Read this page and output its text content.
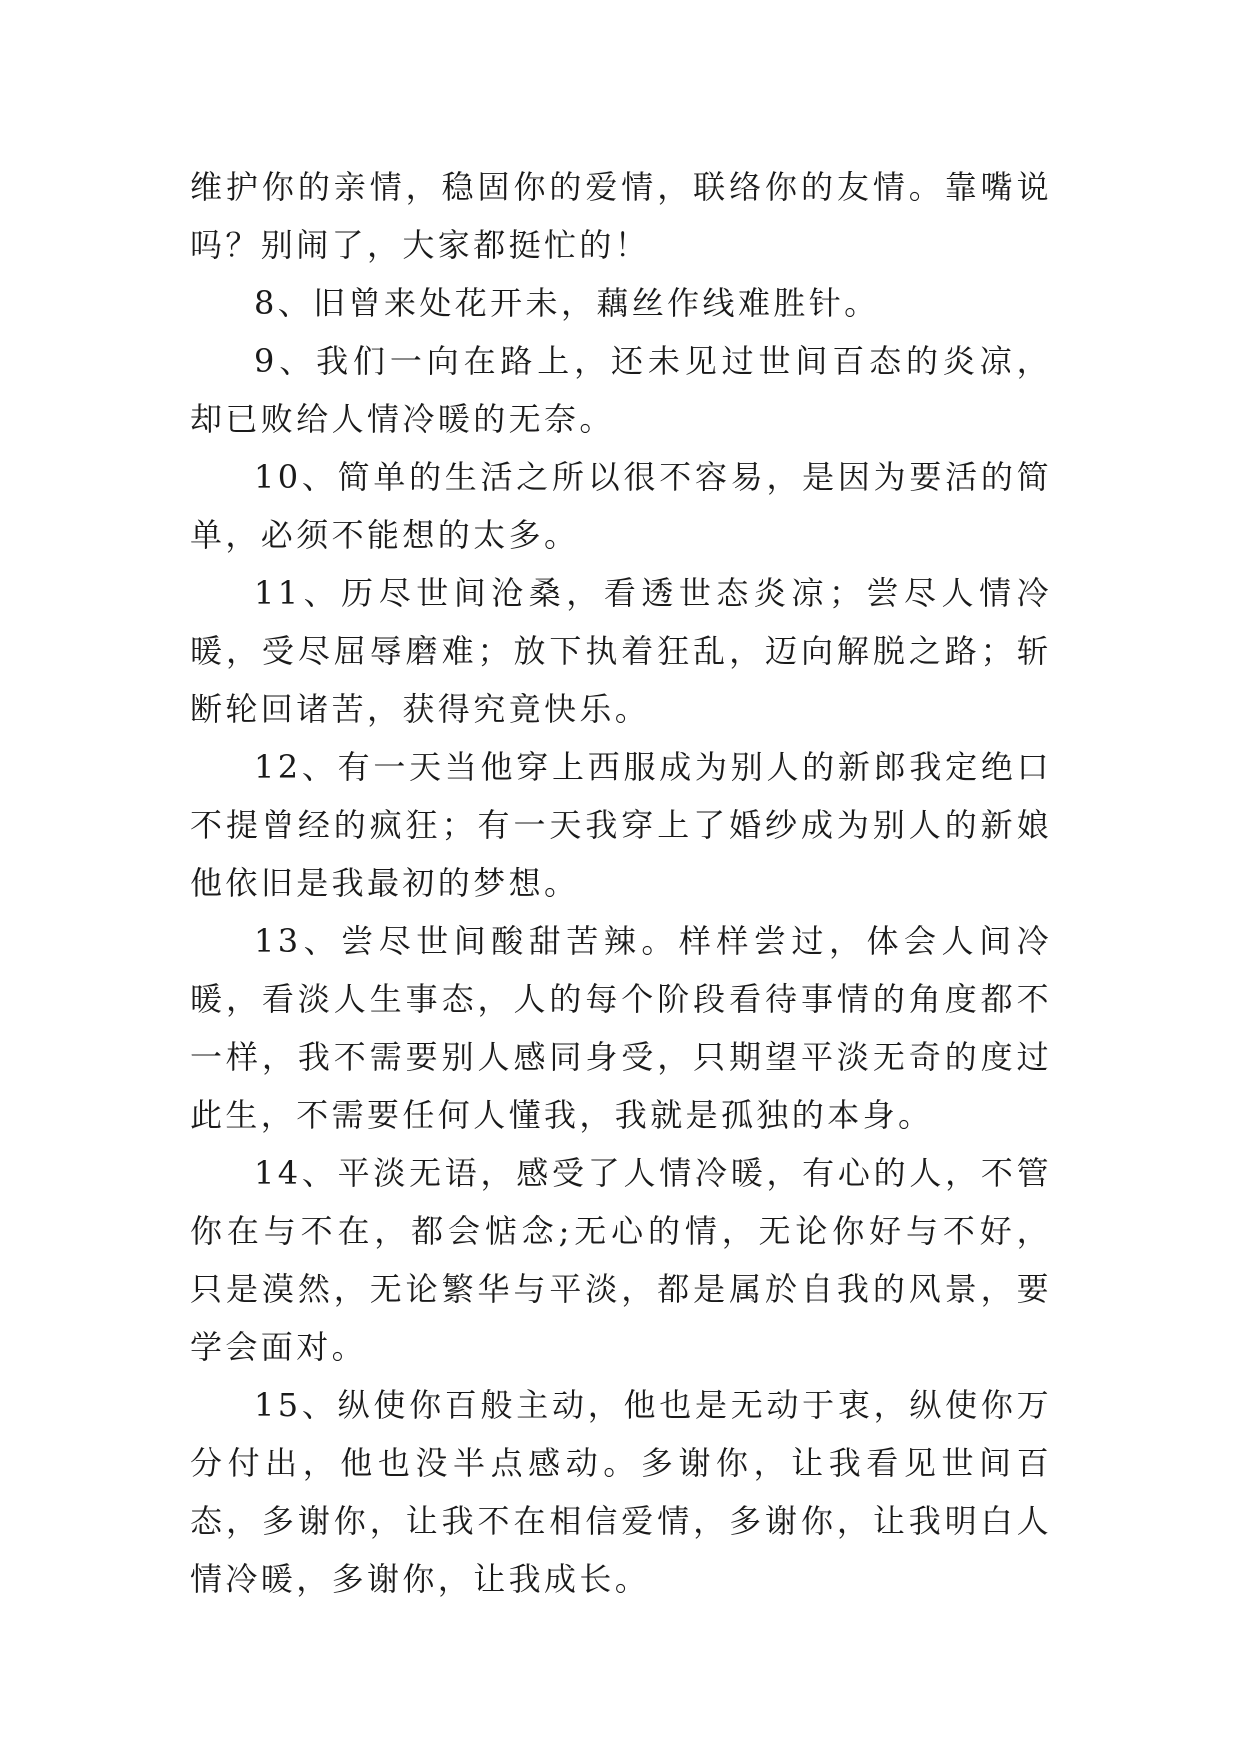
维护你的亲情，稳固你的爱情，联络你的友情。靠嘴说吗？别闹了，大家都挺忙的！

8、旧曾来处花开未，藕丝作线难胜针。

9、我们一向在路上，还未见过世间百态的炎凉，却已败给人情冷暖的无奈。

10、简单的生活之所以很不容易，是因为要活的简单，必须不能想的太多。

11、历尽世间沧桑，看透世态炎凉；尝尽人情冷暖，受尽屈辱磨难；放下执着狂乱，迈向解脱之路；斩断轮回诸苦，获得究竟快乐。

12、有一天当他穿上西服成为别人的新郎我定绝口不提曾经的疯狂；有一天我穿上了婚纱成为别人的新娘他依旧是我最初的梦想。

13、尝尽世间酸甜苦辣。样样尝过，体会人间冷暖，看淡人生事态，人的每个阶段看待事情的角度都不一样，我不需要别人感同身受，只期望平淡无奇的度过此生，不需要任何人懂我，我就是孤独的本身。

14、平淡无语，感受了人情冷暖，有心的人，不管你在与不在，都会惦念;无心的情，无论你好与不好，只是漠然，无论繁华与平淡，都是属於自我的风景，要学会面对。

15、纵使你百般主动，他也是无动于衷，纵使你万分付出，他也没半点感动。多谢你，让我看见世间百态，多谢你，让我不在相信爱情，多谢你，让我明白人情冷暖，多谢你，让我成长。
